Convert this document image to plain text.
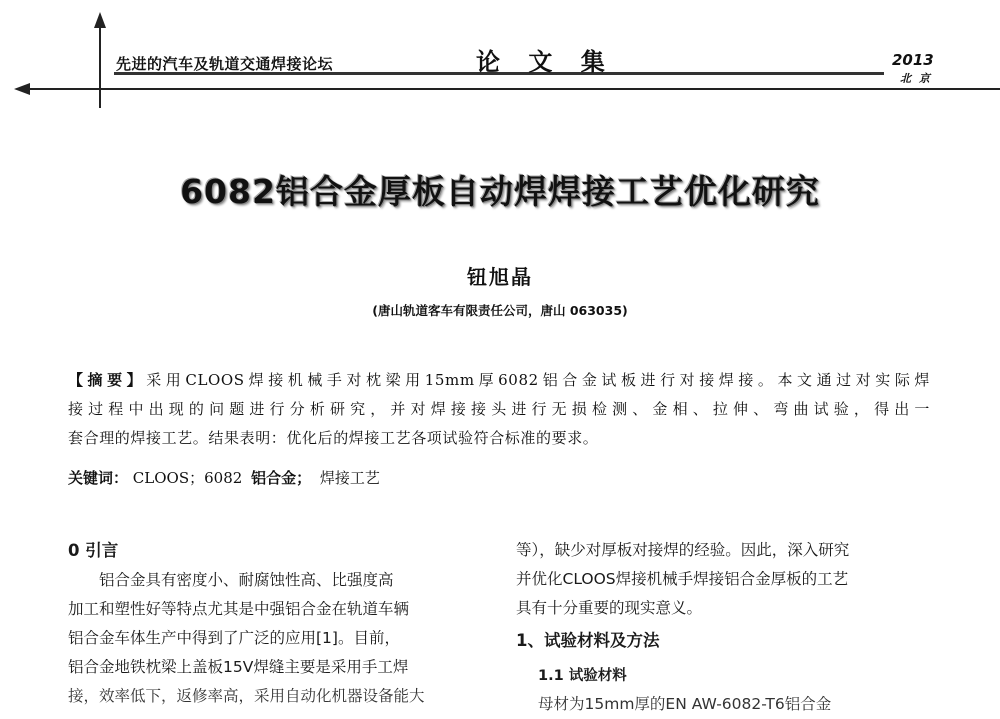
先进的汽车及轨道交通焊接论坛	论 文 集	2013
北 京
6082铝合金厚板自动焊焊接工艺优化研究
钮旭晶
(唐山轨道客车有限责任公司，唐山 063035)
【摘要】采用CLOOS焊接机械手对枕梁用15mm厚6082铝合金试板进行对接焊接。本文通过对实际焊
接过程中出现的问题进行分析研究，并对焊接接头进行无损检测、金相、拉伸、弯曲试验，得出一
套合理的焊接工艺。结果表明：优化后的焊接工艺各项试验符合标准的要求。
关键词： CLOOS；6082 铝合金； 焊接工艺
0 引言
　　铝合金具有密度小、耐腐蚀性高、比强度高
加工和塑性好等特点尤其是中强铝合金在轨道车辆
铝合金车体生产中得到了广泛的应用[1]。目前，
铝合金地铁枕梁上盖板15V焊缝主要是采用手工焊
接，效率低下，返修率高，采用自动化机器设备能大
等），缺少对厚板对接焊的经验。因此，深入研究
并优化CLOOS焊接机械手焊接铝合金厚板的工艺
具有十分重要的现实意义。
1、试验材料及方法
1.1 试验材料
母材为15mm厚的EN AW-6082-T6铝合金
